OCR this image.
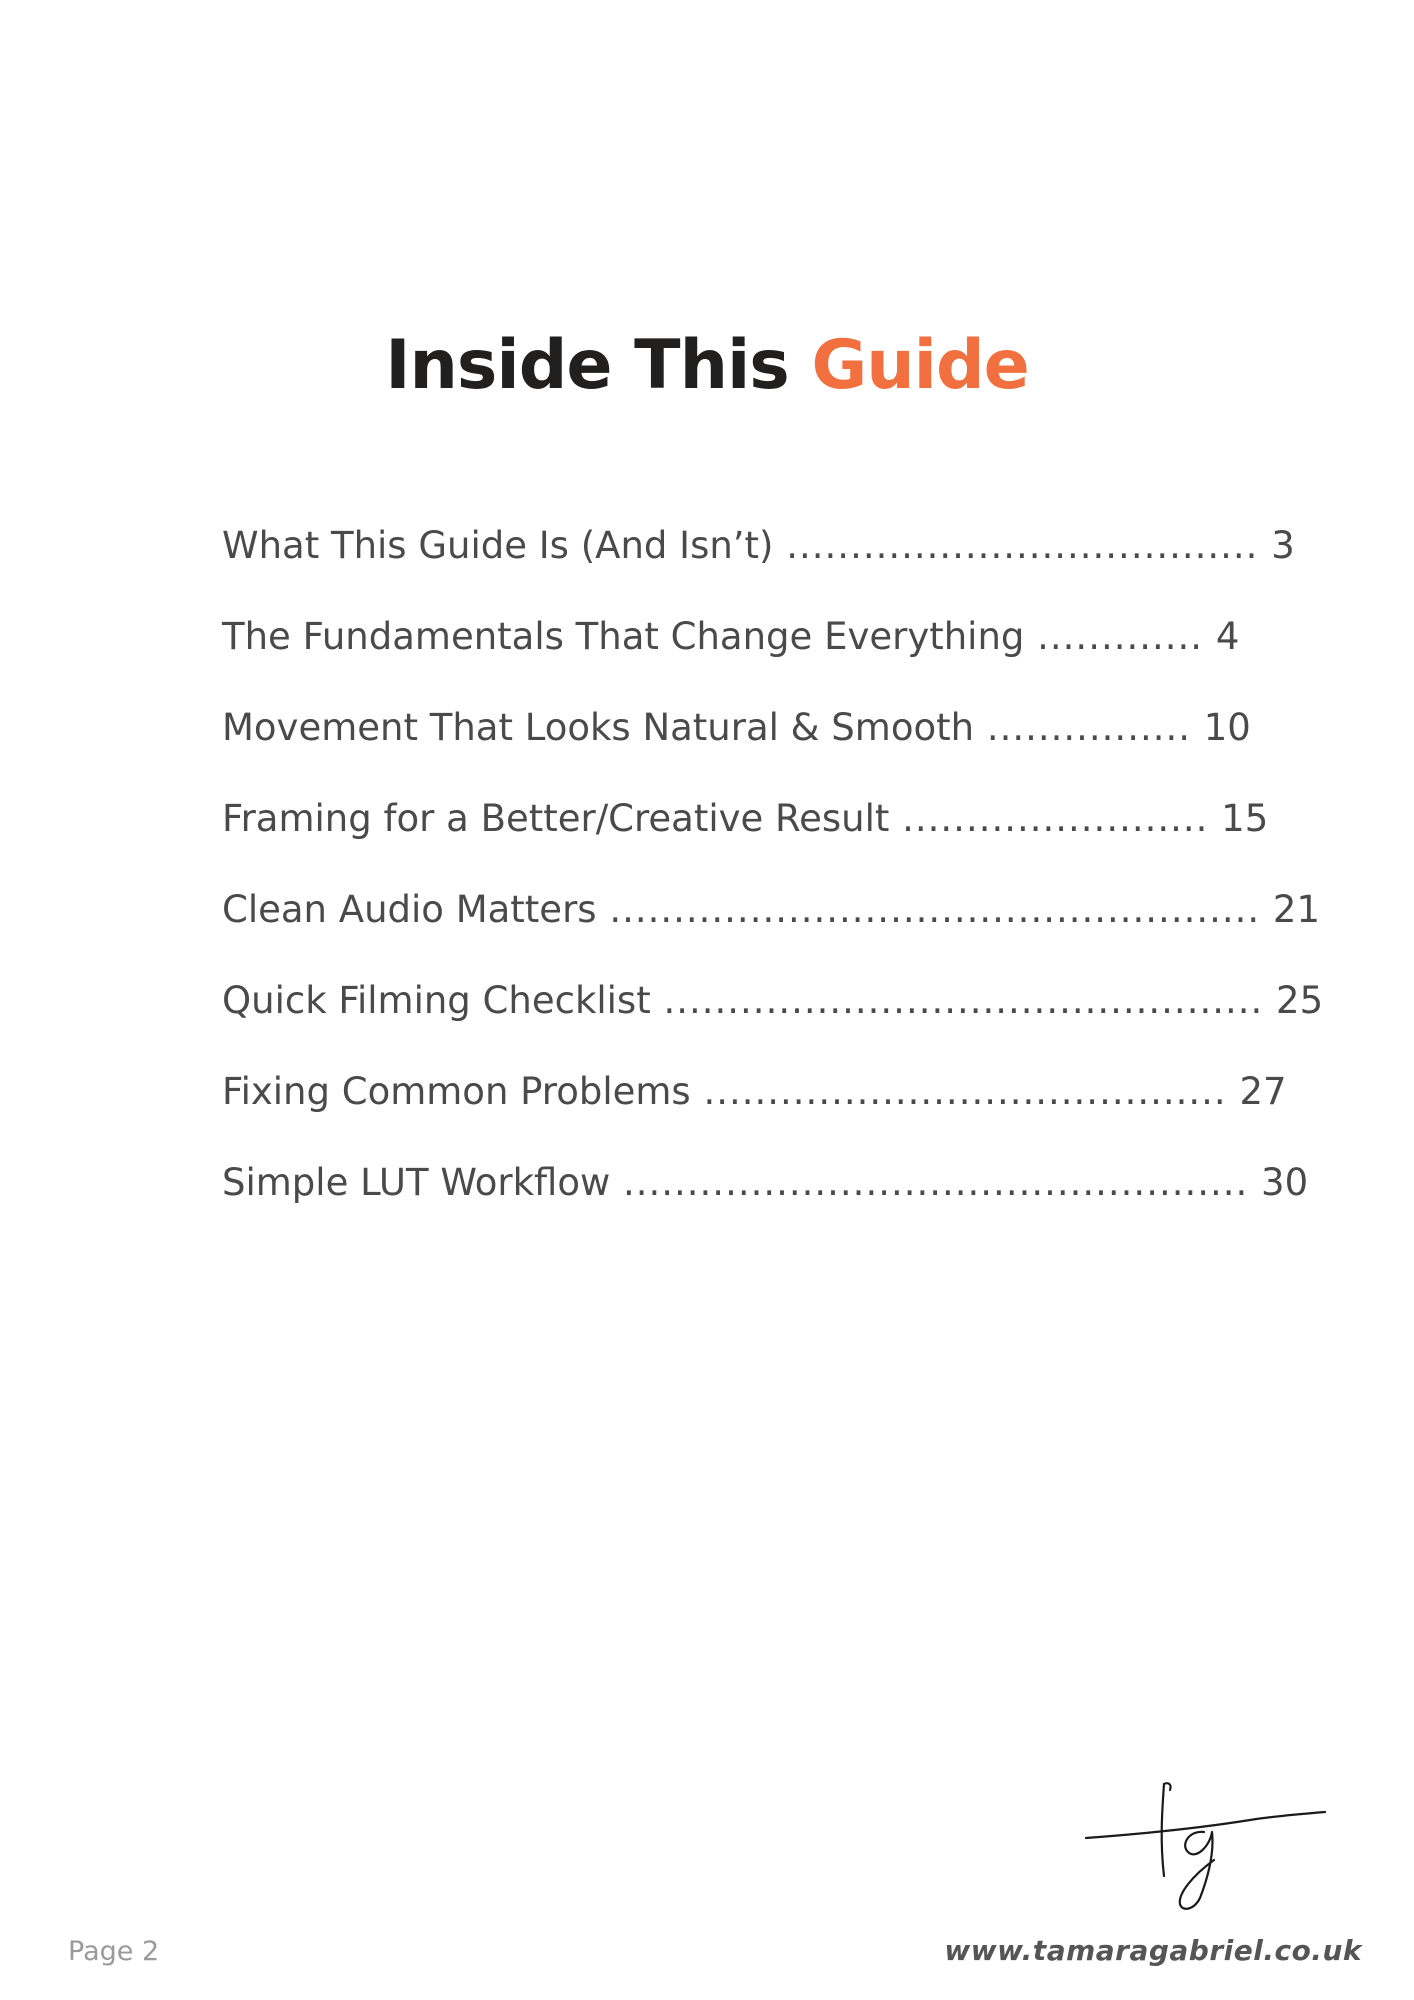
Inside This Guide
What This Guide Is (And Isn’t) ..................................... 3
The Fundamentals That Change Everything ............. 4
Movement That Looks Natural & Smooth ................ 10
Framing for a Better/Creative Result ........................ 15
Clean Audio Matters ................................................... 21
Quick Filming Checklist ............................................... 25
Fixing Common Problems ......................................... 27
Simple LUT Workflow ................................................. 30
Page 2	www.tamaragabriel.co.uk
